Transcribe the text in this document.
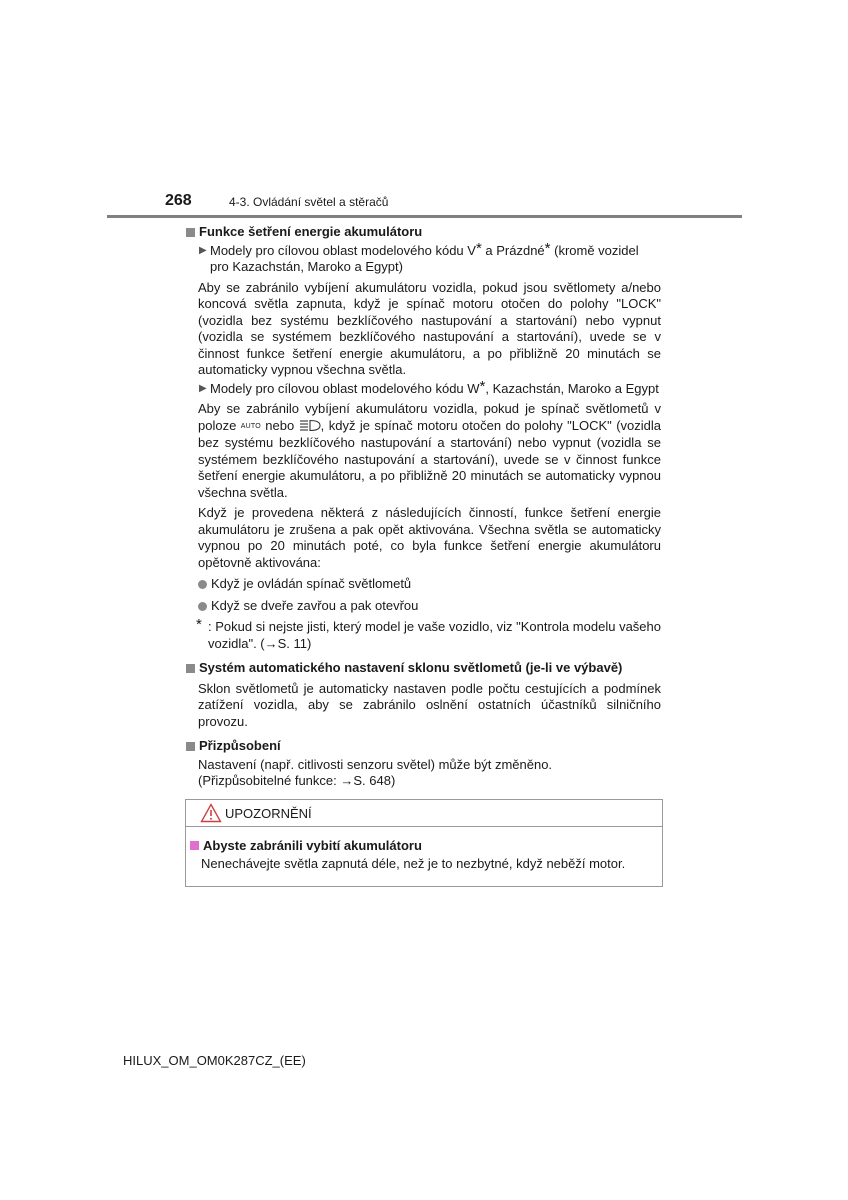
268	4-3. Ovládání světel a stěračů
Funkce šetření energie akumulátoru
▶ Modely pro cílovou oblast modelového kódu V* a Prázdné* (kromě vozidel pro Kazachstán, Maroko a Egypt)
Aby se zabránilo vybíjení akumulátoru vozidla, pokud jsou světlomety a/nebo koncová světla zapnuta, když je spínač motoru otočen do polohy "LOCK" (vozidla bez systému bezklíčového nastupování a startování) nebo vypnut (vozidla se systémem bezklíčového nastupování a startování), uvede se v činnost funkce šetření energie akumulátoru, a po přibližně 20 minutách se automaticky vypnou všechna světla.
▶ Modely pro cílovou oblast modelového kódu W*, Kazachstán, Maroko a Egypt
Aby se zabránilo vybíjení akumulátoru vozidla, pokud je spínač světlometů v poloze AUTO nebo , když je spínač motoru otočen do polohy "LOCK" (vozidla bez systému bezklíčového nastupování a startování) nebo vypnut (vozidla se systémem bezklíčového nastupování a startování), uvede se v činnost funkce šetření energie akumulátoru, a po přibližně 20 minutách se automaticky vypnou všechna světla.
Když je provedena některá z následujících činností, funkce šetření energie akumulátoru je zrušena a pak opět aktivována. Všechna světla se automaticky vypnou po 20 minutách poté, co byla funkce šetření energie akumulátoru opětovně aktivována:
Když je ovládán spínač světlometů
Když se dveře zavřou a pak otevřou
* : Pokud si nejste jisti, který model je vaše vozidlo, viz "Kontrola modelu vašeho vozidla". (→S. 11)
Systém automatického nastavení sklonu světlometů (je-li ve výbavě)
Sklon světlometů je automaticky nastaven podle počtu cestujících a podmínek zatížení vozidla, aby se zabránilo oslnění ostatních účastníků silničního provozu.
Přizpůsobení
Nastavení (např. citlivosti senzoru světel) může být změněno.
(Přizpůsobitelné funkce: →S. 648)
UPOZORNĚNÍ
Abyste zabránili vybití akumulátoru
Nenechávejte světla zapnutá déle, než je to nezbytné, když neběží motor.
HILUX_OM_OM0K287CZ_(EE)
